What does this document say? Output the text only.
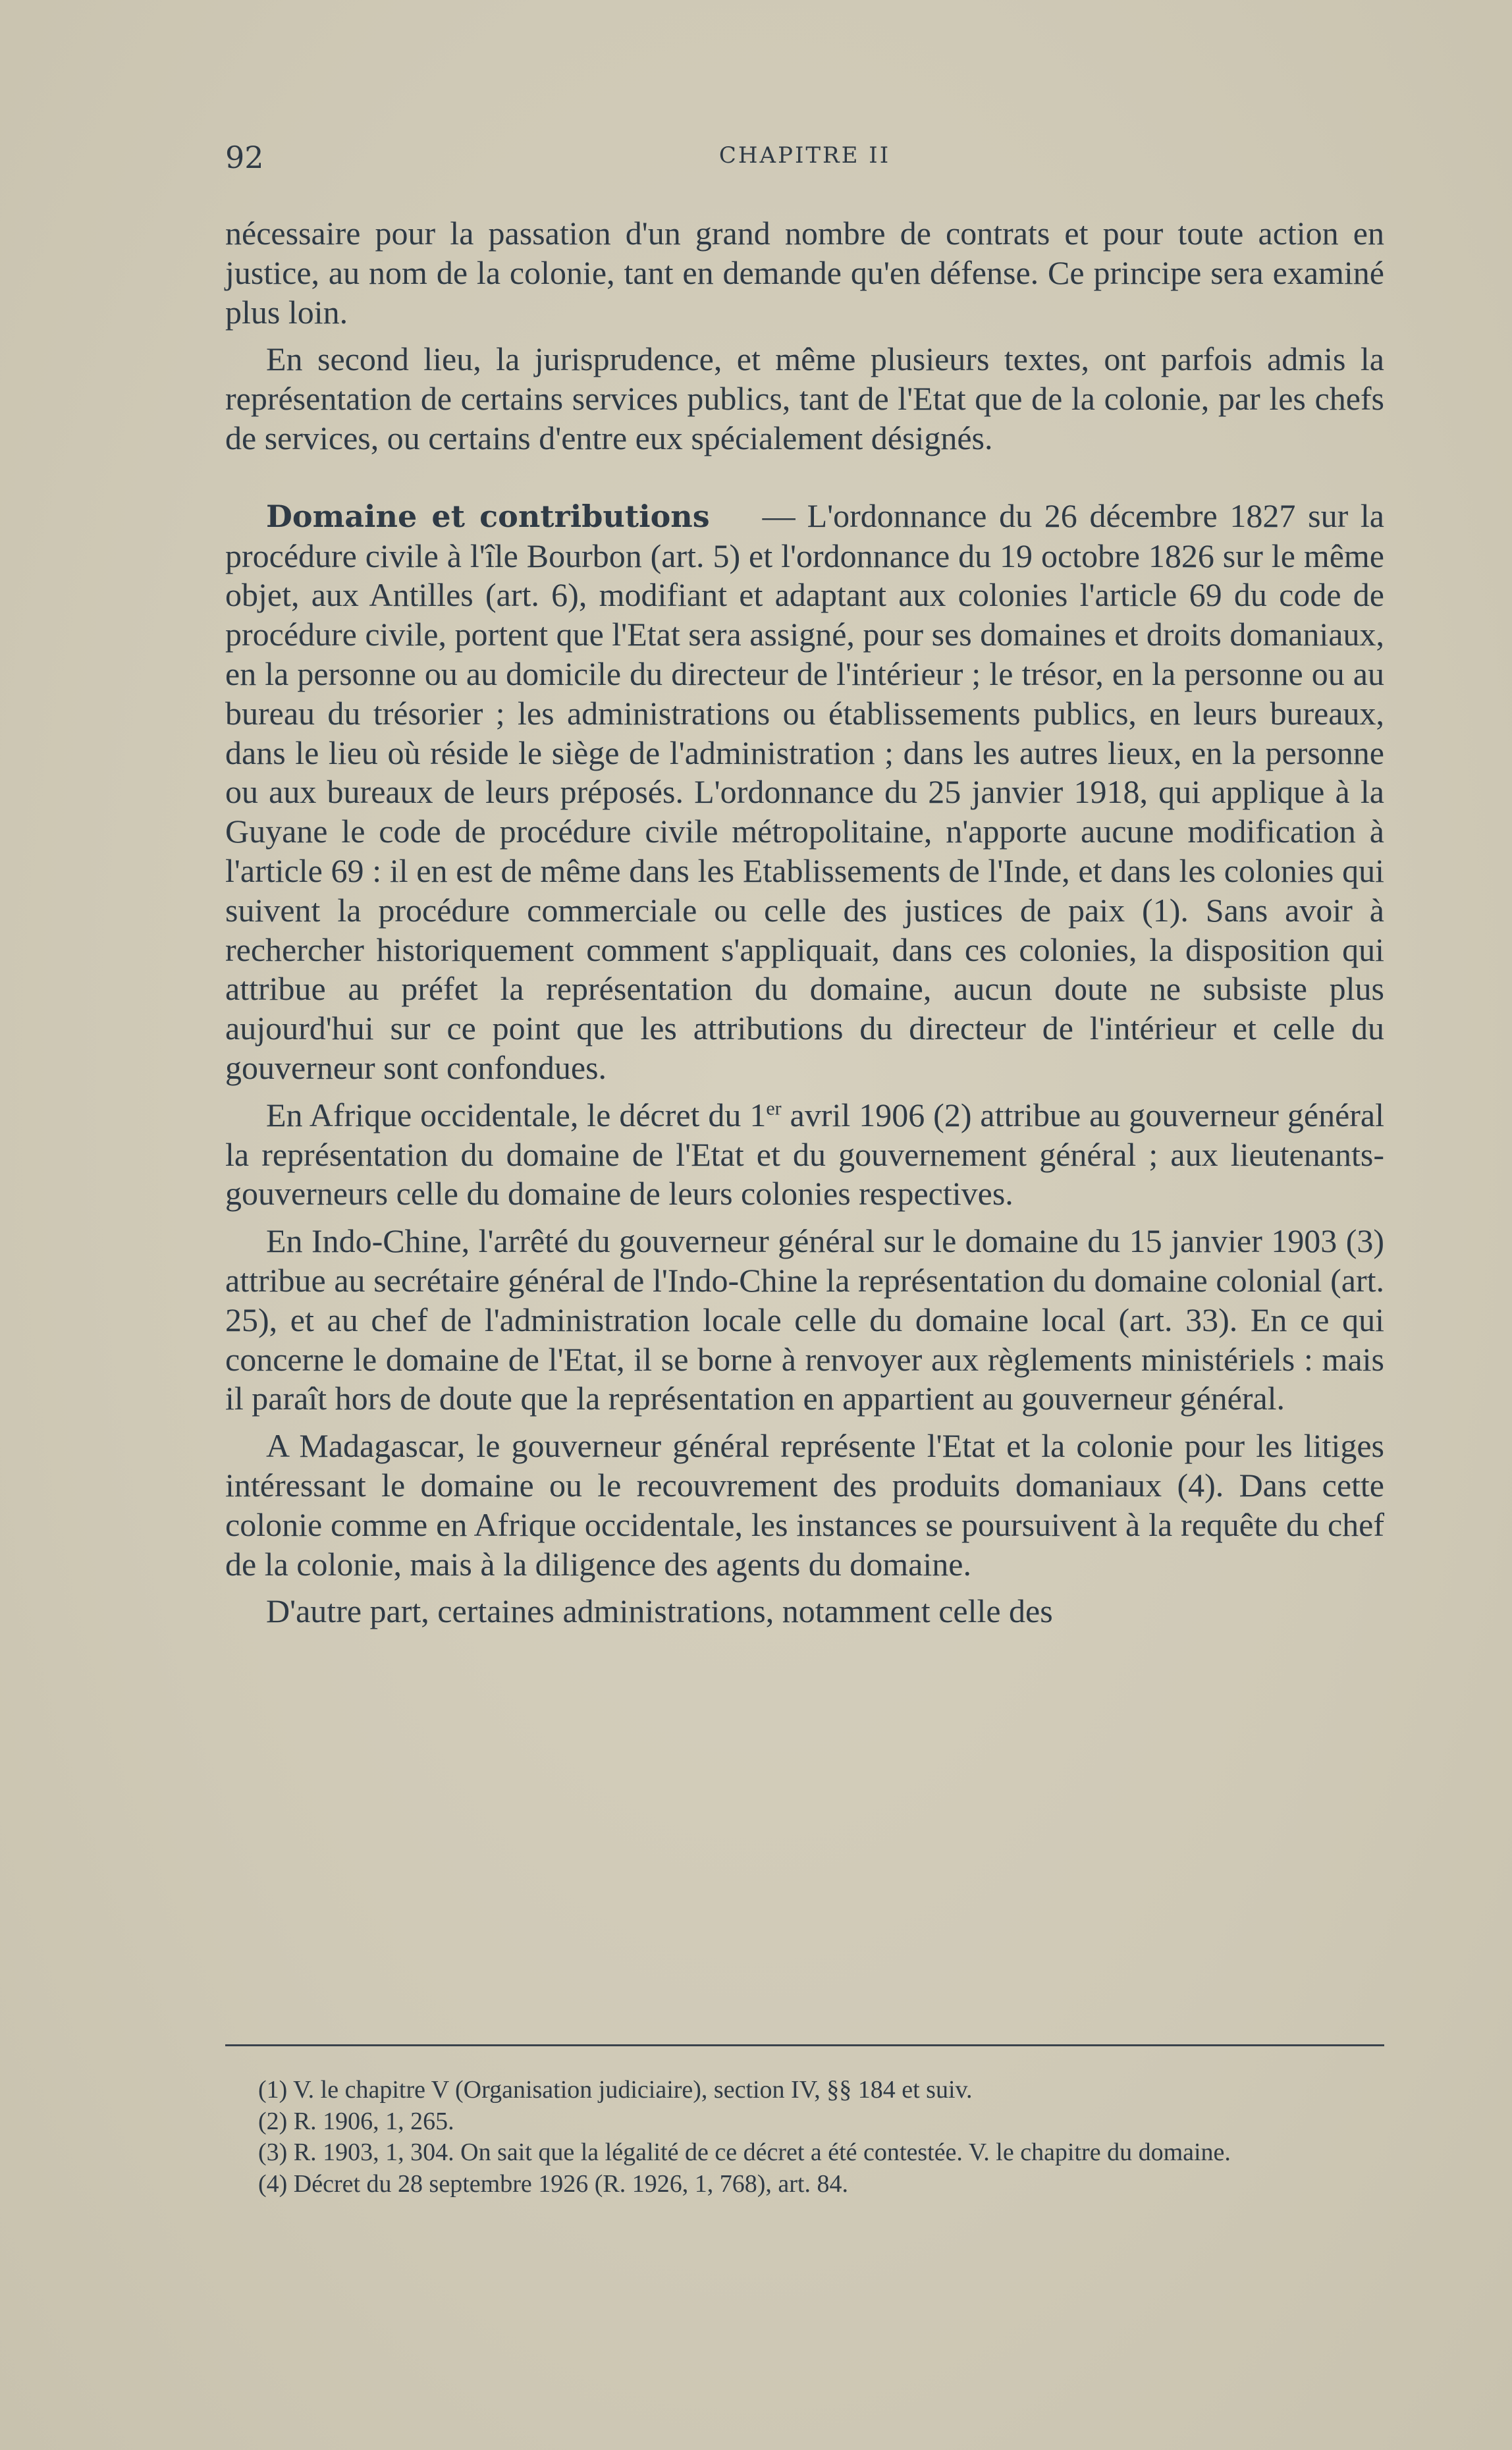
92	CHAPITRE II

nécessaire pour la passation d'un grand nombre de contrats et pour toute action en justice, au nom de la colonie, tant en demande qu'en défense. Ce principe sera examiné plus loin.

En second lieu, la jurisprudence, et même plusieurs textes, ont parfois admis la représentation de certains services publics, tant de l'Etat que de la colonie, par les chefs de services, ou certains d'entre eux spécialement désignés.

Domaine et contributions — L'ordonnance du 26 décembre 1827 sur la procédure civile à l'île Bourbon (art. 5) et l'ordonnance du 19 octobre 1826 sur le même objet, aux Antilles (art. 6), modifiant et adaptant aux colonies l'article 69 du code de procédure civile, portent que l'Etat sera assigné, pour ses domaines et droits domaniaux, en la personne ou au domicile du directeur de l'intérieur ; le trésor, en la personne ou au bureau du trésorier ; les administrations ou établissements publics, en leurs bureaux, dans le lieu où réside le siège de l'administration ; dans les autres lieux, en la personne ou aux bureaux de leurs préposés. L'ordonnance du 25 janvier 1918, qui applique à la Guyane le code de procédure civile métropolitaine, n'apporte aucune modification à l'article 69 : il en est de même dans les Etablissements de l'Inde, et dans les colonies qui suivent la procédure commerciale ou celle des justices de paix (1). Sans avoir à rechercher historiquement comment s'appliquait, dans ces colonies, la disposition qui attribue au préfet la représentation du domaine, aucun doute ne subsiste plus aujourd'hui sur ce point que les attributions du directeur de l'intérieur et celle du gouverneur sont confondues.

En Afrique occidentale, le décret du 1er avril 1906 (2) attribue au gouverneur général la représentation du domaine de l'Etat et du gouvernement général ; aux lieutenants-gouverneurs celle du domaine de leurs colonies respectives.

En Indo-Chine, l'arrêté du gouverneur général sur le domaine du 15 janvier 1903 (3) attribue au secrétaire général de l'Indo-Chine la représentation du domaine colonial (art. 25), et au chef de l'administration locale celle du domaine local (art. 33). En ce qui concerne le domaine de l'Etat, il se borne à renvoyer aux règlements ministériels : mais il paraît hors de doute que la représentation en appartient au gouverneur général.

A Madagascar, le gouverneur général représente l'Etat et la colonie pour les litiges intéressant le domaine ou le recouvrement des produits domaniaux (4). Dans cette colonie comme en Afrique occidentale, les instances se poursuivent à la requête du chef de la colonie, mais à la diligence des agents du domaine.

D'autre part, certaines administrations, notamment celle des

(1) V. le chapitre V (Organisation judiciaire), section IV, §§ 184 et suiv.

(2) R. 1906, 1, 265.

(3) R. 1903, 1, 304. On sait que la légalité de ce décret a été contestée. V. le chapitre du domaine.

(4) Décret du 28 septembre 1926 (R. 1926, 1, 768), art. 84.
